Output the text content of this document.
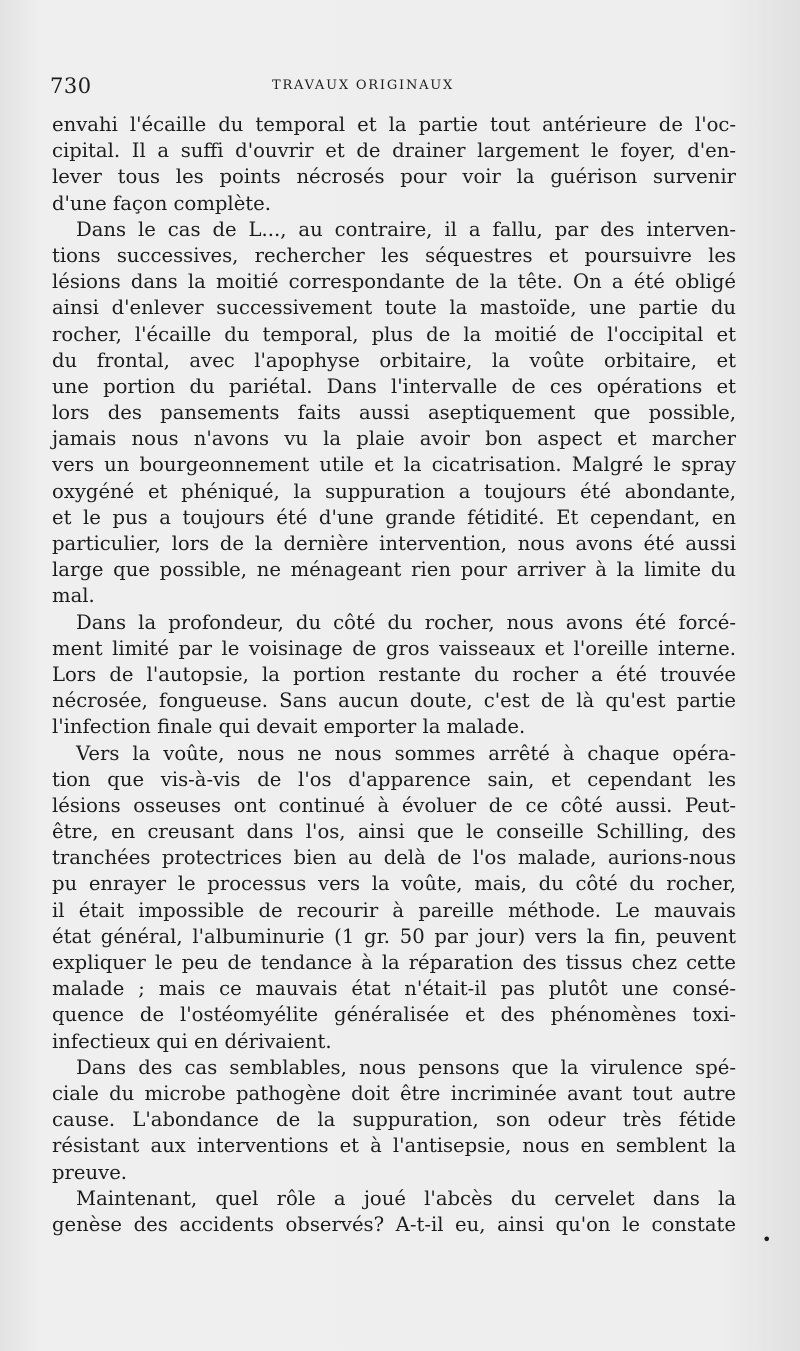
730	TRAVAUX ORIGINAUX
envahi l'écaille du temporal et la partie tout antérieure de l'oc-
cipital. Il a suffi d'ouvrir et de drainer largement le foyer, d'en-
lever tous les points nécrosés pour voir la guérison survenir
d'une façon complète.
Dans le cas de L..., au contraire, il a fallu, par des interven-
tions successives, rechercher les séquestres et poursuivre les
lésions dans la moitié correspondante de la tête. On a été obligé
ainsi d'enlever successivement toute la mastoïde, une partie du
rocher, l'écaille du temporal, plus de la moitié de l'occipital et
du frontal, avec l'apophyse orbitaire, la voûte orbitaire, et
une portion du pariétal. Dans l'intervalle de ces opérations et
lors des pansements faits aussi aseptiquement que possible,
jamais nous n'avons vu la plaie avoir bon aspect et marcher
vers un bourgeonnement utile et la cicatrisation. Malgré le spray
oxygéné et phéniqué, la suppuration a toujours été abondante,
et le pus a toujours été d'une grande fétidité. Et cependant, en
particulier, lors de la dernière intervention, nous avons été aussi
large que possible, ne ménageant rien pour arriver à la limite du
mal.
Dans la profondeur, du côté du rocher, nous avons été forcé-
ment limité par le voisinage de gros vaisseaux et l'oreille interne.
Lors de l'autopsie, la portion restante du rocher a été trouvée
nécrosée, fongueuse. Sans aucun doute, c'est de là qu'est partie
l'infection finale qui devait emporter la malade.
Vers la voûte, nous ne nous sommes arrêté à chaque opéra-
tion que vis-à-vis de l'os d'apparence sain, et cependant les
lésions osseuses ont continué à évoluer de ce côté aussi. Peut-
être, en creusant dans l'os, ainsi que le conseille Schilling, des
tranchées protectrices bien au delà de l'os malade, aurions-nous
pu enrayer le processus vers la voûte, mais, du côté du rocher,
il était impossible de recourir à pareille méthode. Le mauvais
état général, l'albuminurie (1 gr. 50 par jour) vers la fin, peuvent
expliquer le peu de tendance à la réparation des tissus chez cette
malade ; mais ce mauvais état n'était-il pas plutôt une consé-
quence de l'ostéomyélite généralisée et des phénomènes toxi-
infectieux qui en dérivaient.
Dans des cas semblables, nous pensons que la virulence spé-
ciale du microbe pathogène doit être incriminée avant tout autre
cause. L'abondance de la suppuration, son odeur très fétide
résistant aux interventions et à l'antisepsie, nous en semblent la
preuve.
Maintenant, quel rôle a joué l'abcès du cervelet dans la
genèse des accidents observés? A-t-il eu, ainsi qu'on le constate
•
